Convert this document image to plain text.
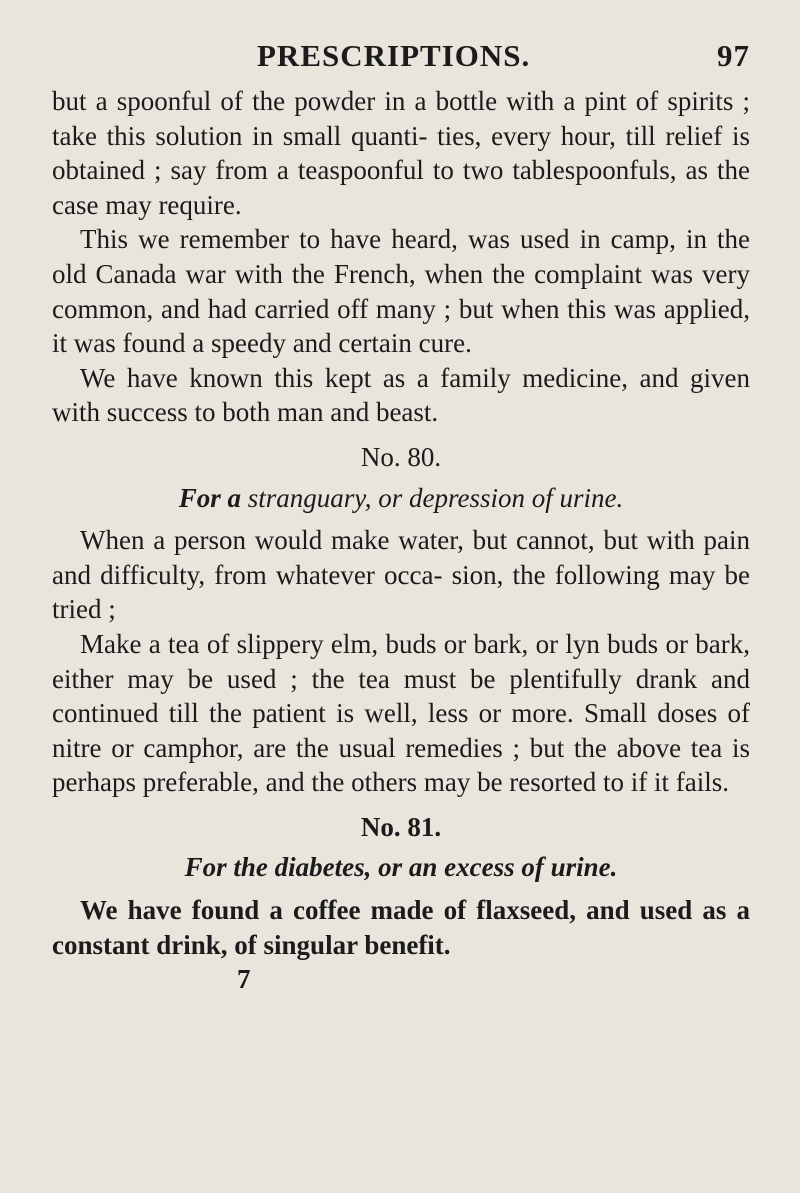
PRESCRIPTIONS.	97

but a spoonful of the powder in a bottle with a pint of spirits ; take this solution in small quanti- ties, every hour, till relief is obtained ; say from a teaspoonful to two tablespoonfuls, as the case may require.

This we remember to have heard, was used in camp, in the old Canada war with the French, when the complaint was very common, and had carried off many ; but when this was applied, it was found a speedy and certain cure.

We have known this kept as a family medicine, and given with success to both man and beast.

No. 80.
For a stranguary, or depression of urine.

When a person would make water, but cannot, but with pain and difficulty, from whatever occa- sion, the following may be tried ;

Make a tea of slippery elm, buds or bark, or lyn buds or bark, either may be used ; the tea must be plentifully drank and continued till the patient is well, less or more. Small doses of nitre or camphor, are the usual remedies ; but the above tea is perhaps preferable, and the others may be resorted to if it fails.

No. 81.
For the diabetes, or an excess of urine.

We have found a coffee made of flaxseed, and used as a constant drink, of singular benefit.

7
